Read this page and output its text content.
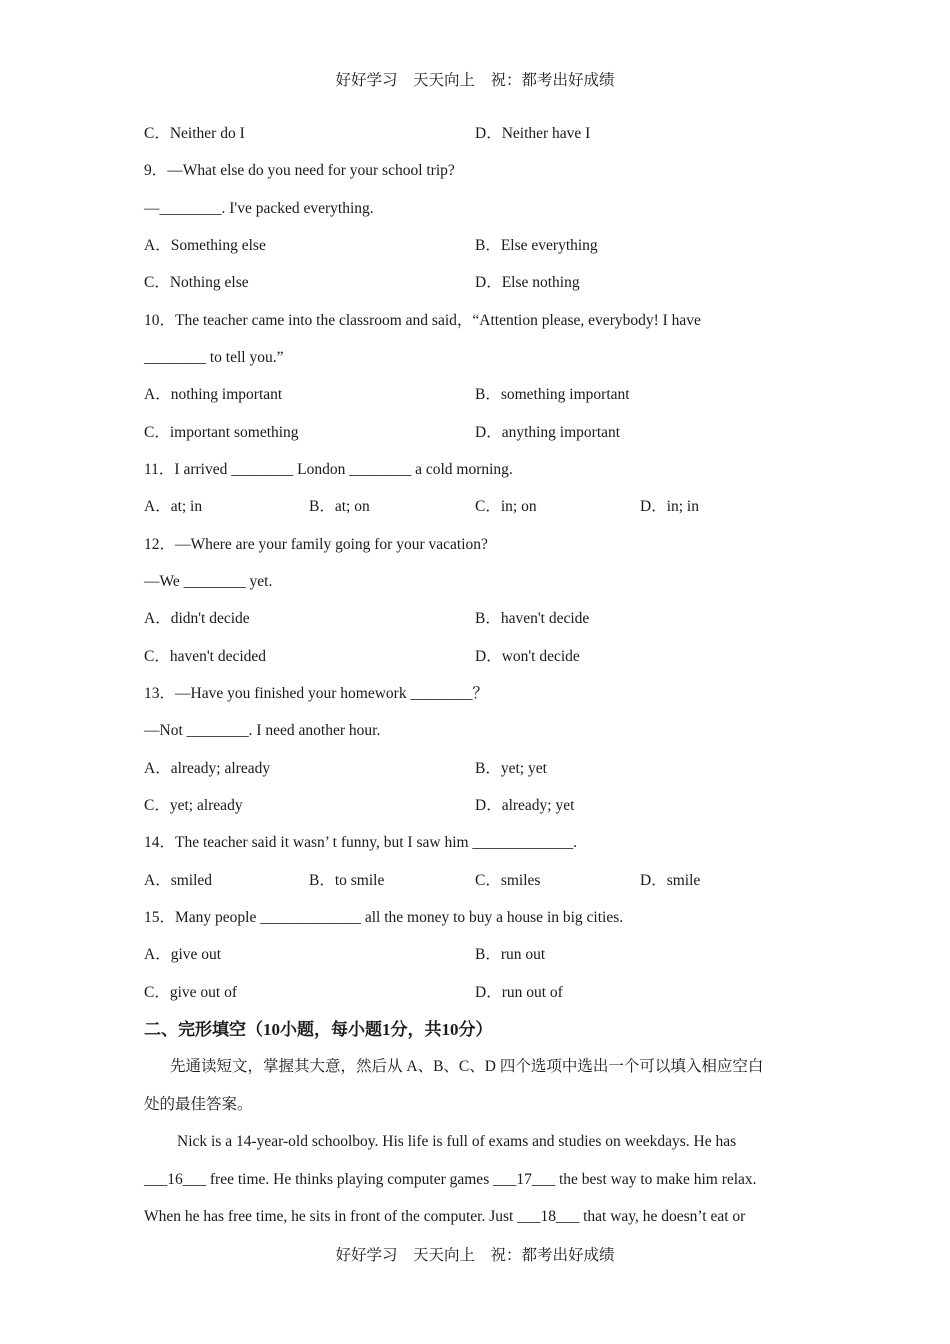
好好学习　天天向上　祝：都考出好成绩
C．Neither do I	D．Neither have I
9．—What else do you need for your school trip?
—________. I've packed everything.
A．Something else	B．Else everything
C．Nothing else	D．Else nothing
10．The teacher came into the classroom and said，“Attention please, everybody! I have
________ to tell you.”
A．nothing important	B．something important
C．important something	D．anything important
11．I arrived ________ London ________ a cold morning.
A．at; in	B．at; on	C．in; on	D．in; in
12．—Where are your family going for your vacation?
—We ________ yet.
A．didn't decide	B．haven't decide
C．haven't decided	D．won't decide
13．—Have you finished your homework ________？
—Not ________. I need another hour.
A．already; already	B．yet; yet
C．yet; already	D．already; yet
14．The teacher said it wasn’ t funny, but I saw him _____________.
A．smiled	B．to smile	C．smiles	D．smile
15．Many people _____________ all the money to buy a house in big cities.
A．give out	B．run out
C．give out of	D．run out of
二、完形填空（10小题，每小题1分，共10分）
先通读短文，掌握其大意，然后从 A、B、C、D 四个选项中选出一个可以填入相应空白
处的最佳答案。
Nick is a 14-year-old schoolboy. His life is full of exams and studies on weekdays. He has
___16___ free time. He thinks playing computer games ___17___ the best way to make him relax.
When he has free time, he sits in front of the computer. Just ___18___ that way, he doesn’t eat or
好好学习　天天向上　祝：都考出好成绩
